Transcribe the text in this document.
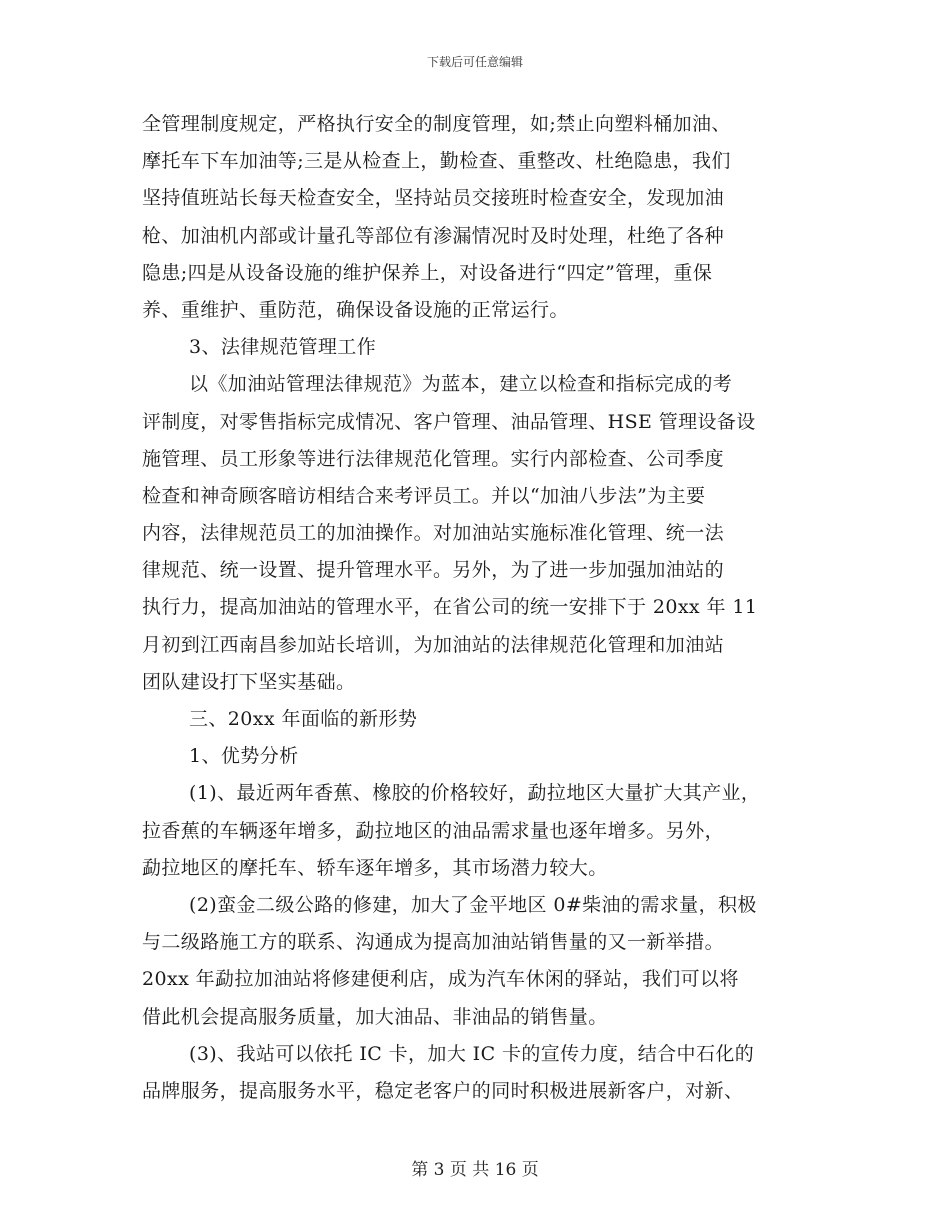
下载后可任意编辑
全管理制度规定，严格执行安全的制度管理，如;禁止向塑料桶加油、
摩托车下车加油等;三是从检查上，勤检查、重整改、杜绝隐患，我们
坚持值班站长每天检查安全，坚持站员交接班时检查安全，发现加油
枪、加油机内部或计量孔等部位有渗漏情况时及时处理，杜绝了各种
隐患;四是从设备设施的维护保养上，对设备进行“四定”管理，重保
养、重维护、重防范，确保设备设施的正常运行。
3、法律规范管理工作
以《加油站管理法律规范》为蓝本，建立以检查和指标完成的考
评制度，对零售指标完成情况、客户管理、油品管理、HSE 管理设备设
施管理、员工形象等进行法律规范化管理。实行内部检查、公司季度
检查和神奇顾客暗访相结合来考评员工。并以“加油八步法”为主要
内容，法律规范员工的加油操作。对加油站实施标准化管理、统一法
律规范、统一设置、提升管理水平。另外，为了进一步加强加油站的
执行力，提高加油站的管理水平，在省公司的统一安排下于 20xx 年 11
月初到江西南昌参加站长培训，为加油站的法律规范化管理和加油站
团队建设打下坚实基础。
三、20xx 年面临的新形势
1、优势分析
(1)、最近两年香蕉、橡胶的价格较好，勐拉地区大量扩大其产业，
拉香蕉的车辆逐年增多，勐拉地区的油品需求量也逐年增多。另外，
勐拉地区的摩托车、轿车逐年增多，其市场潜力较大。
(2)蛮金二级公路的修建，加大了金平地区 0#柴油的需求量，积极
与二级路施工方的联系、沟通成为提高加油站销售量的又一新举措。
20xx 年勐拉加油站将修建便利店，成为汽车休闲的驿站，我们可以将
借此机会提高服务质量，加大油品、非油品的销售量。
(3)、我站可以依托 IC 卡，加大 IC 卡的宣传力度，结合中石化的
品牌服务，提高服务水平，稳定老客户的同时积极进展新客户，对新、
第 3 页 共 16 页
